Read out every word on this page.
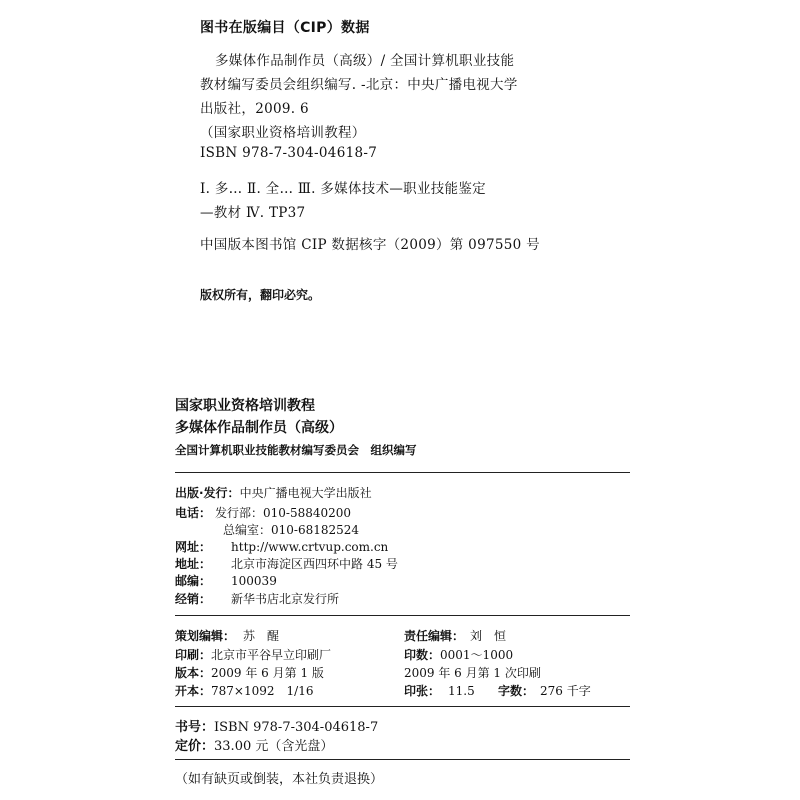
图书在版编目（CIP）数据
多媒体作品制作员（高级）/ 全国计算机职业技能
教材编写委员会组织编写. -北京：中央广播电视大学
出版社，2009. 6
（国家职业资格培训教程）
ISBN 978-7-304-04618-7
Ⅰ. 多… Ⅱ. 全… Ⅲ. 多媒体技术—职业技能鉴定
—教材 Ⅳ. TP37
中国版本图书馆 CIP 数据核字（2009）第 097550 号
版权所有，翻印必究。
国家职业资格培训教程
多媒体作品制作员（高级）
全国计算机职业技能教材编写委员会　组织编写
出版·发行：中央广播电视大学出版社
电话： 发行部：010-58840200
总编室：010-68182524
网址： http://www.crtvup.com.cn
地址： 北京市海淀区西四环中路 45 号
邮编： 100039
经销： 新华书店北京发行所
策划编辑： 苏　醒	责任编辑： 刘　恒
印刷：北京市平谷早立印刷厂	印数：0001～1000
版本：2009 年 6 月第 1 版	2009 年 6 月第 1 次印刷
开本：787×1092　1/16	印张： 11.5 字数： 276 千字
书号：ISBN 978-7-304-04618-7
定价：33.00 元（含光盘）
（如有缺页或倒装，本社负责退换）
